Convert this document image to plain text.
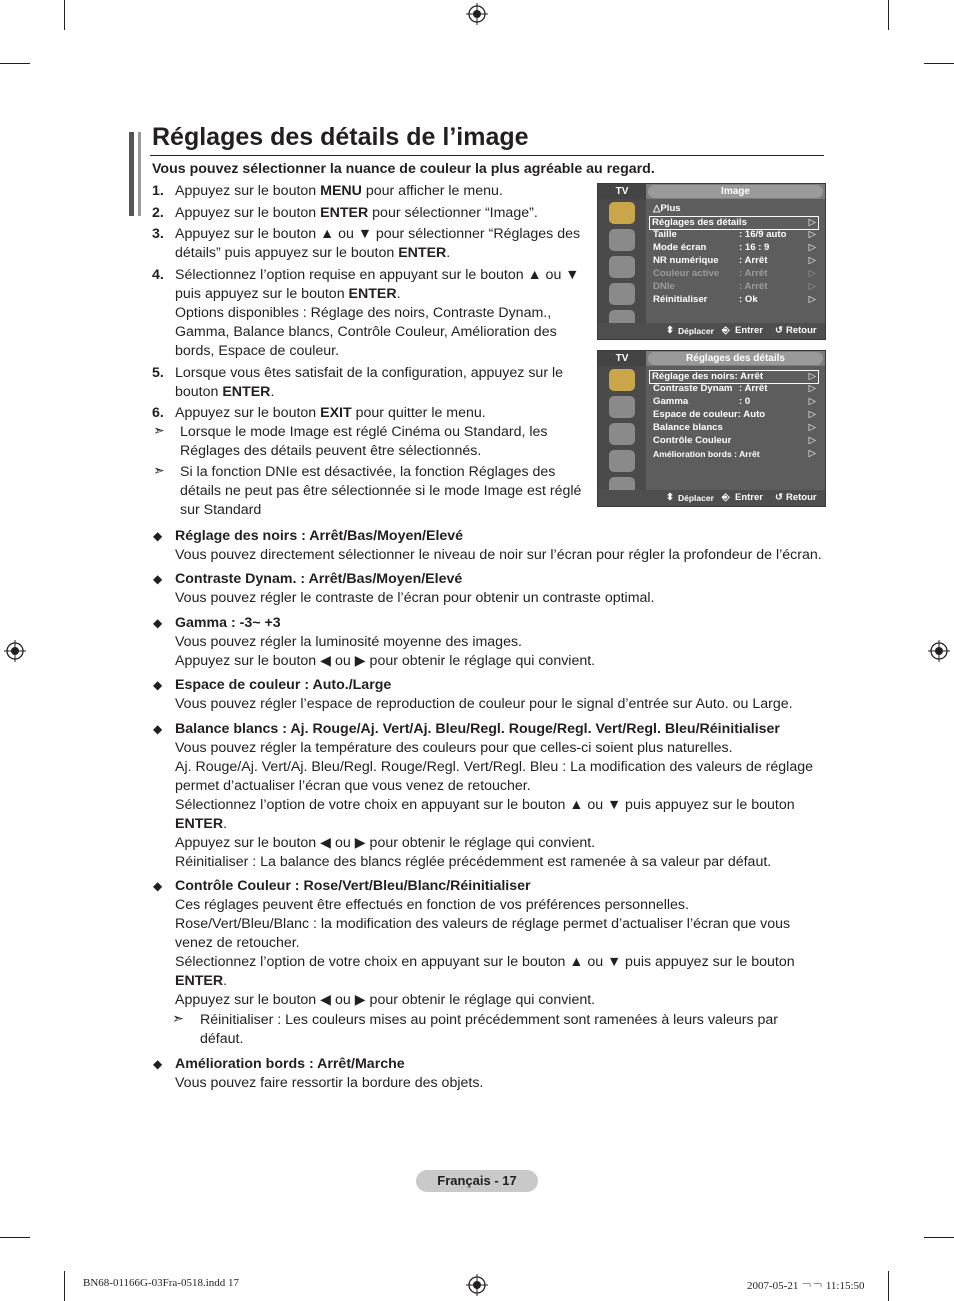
Réglages des détails de l’image
Vous pouvez sélectionner la nuance de couleur la plus agréable au regard.
1. Appuyez sur le bouton MENU pour afficher le menu.
2. Appuyez sur le bouton ENTER pour sélectionner “Image”.
3. Appuyez sur le bouton ▲ ou ▼ pour sélectionner “Réglages des
détails” puis appuyez sur le bouton ENTER.
4. Sélectionnez l’option requise en appuyant sur le bouton ▲ ou ▼
puis appuyez sur le bouton ENTER.
Options disponibles : Réglage des noirs, Contraste Dynam.,
Gamma, Balance blancs, Contrôle Couleur, Amélioration des
bords, Espace de couleur.
5. Lorsque vous êtes satisfait de la configuration, appuyez sur le
bouton ENTER.
6. Appuyez sur le bouton EXIT pour quitter le menu.
➣ Lorsque le mode Image est réglé Cinéma ou Standard, les
Réglages des détails peuvent être sélectionnés.
➣ Si la fonction DNIe est désactivée, la fonction Réglages des
détails ne peut pas être sélectionnée si le mode Image est réglé
sur Standard
TV	Image
△Plus
Réglages des détails	▷
Taille	: 16/9 auto ▷
Mode écran	: 16 : 9	▷
NR numérique : Arrêt	▷
Couleur active : Arrêt	▷
DNIe	: Arrêt	▷
Réinitialiser	: Ok	▷
⬍ Déplacer ⎆ Entrer ↺ Retour
TV	Réglages des détails
Réglage des noirs: Arrêt	▷
Contraste Dynam : Arrêt	▷
Gamma	: 0	▷
Espace de couleur: Auto	▷
Balance blancs	▷
Contrôle Couleur	▷
Amélioration bords : Arrêt	▷
⬍ Déplacer ⎆ Entrer ↺ Retour
◆ Réglage des noirs : Arrêt/Bas/Moyen/Elevé
Vous pouvez directement sélectionner le niveau de noir sur l’écran pour régler la profondeur de l’écran.
◆ Contraste Dynam. : Arrêt/Bas/Moyen/Elevé
Vous pouvez régler le contraste de l’écran pour obtenir un contraste optimal.
◆ Gamma : -3~ +3
Vous pouvez régler la luminosité moyenne des images.
Appuyez sur le bouton ◀ ou ▶ pour obtenir le réglage qui convient.
◆ Espace de couleur : Auto./Large
Vous pouvez régler l’espace de reproduction de couleur pour le signal d’entrée sur Auto. ou Large.
◆ Balance blancs : Aj. Rouge/Aj. Vert/Aj. Bleu/Regl. Rouge/Regl. Vert/Regl. Bleu/Réinitialiser
Vous pouvez régler la température des couleurs pour que celles-ci soient plus naturelles.
Aj. Rouge/Aj. Vert/Aj. Bleu/Regl. Rouge/Regl. Vert/Regl. Bleu : La modification des valeurs de réglage
permet d’actualiser l’écran que vous venez de retoucher.
Sélectionnez l’option de votre choix en appuyant sur le bouton ▲ ou ▼ puis appuyez sur le bouton
ENTER.
Appuyez sur le bouton ◀ ou ▶ pour obtenir le réglage qui convient.
Réinitialiser : La balance des blancs réglée précédemment est ramenée à sa valeur par défaut.
◆ Contrôle Couleur : Rose/Vert/Bleu/Blanc/Réinitialiser
Ces réglages peuvent être effectués en fonction de vos préférences personnelles.
Rose/Vert/Bleu/Blanc : la modification des valeurs de réglage permet d’actualiser l’écran que vous
venez de retoucher.
Sélectionnez l’option de votre choix en appuyant sur le bouton ▲ ou ▼ puis appuyez sur le bouton
ENTER.
Appuyez sur le bouton ◀ ou ▶ pour obtenir le réglage qui convient.
➣ Réinitialiser : Les couleurs mises au point précédemment sont ramenées à leurs valeurs par
défaut.
◆ Amélioration bords : Arrêt/Marche
Vous pouvez faire ressortir la bordure des objets.
Français - 17
BN68-01166G-03Fra-0518.indd 17	2007-05-21 ￢￢ 11:15:50
